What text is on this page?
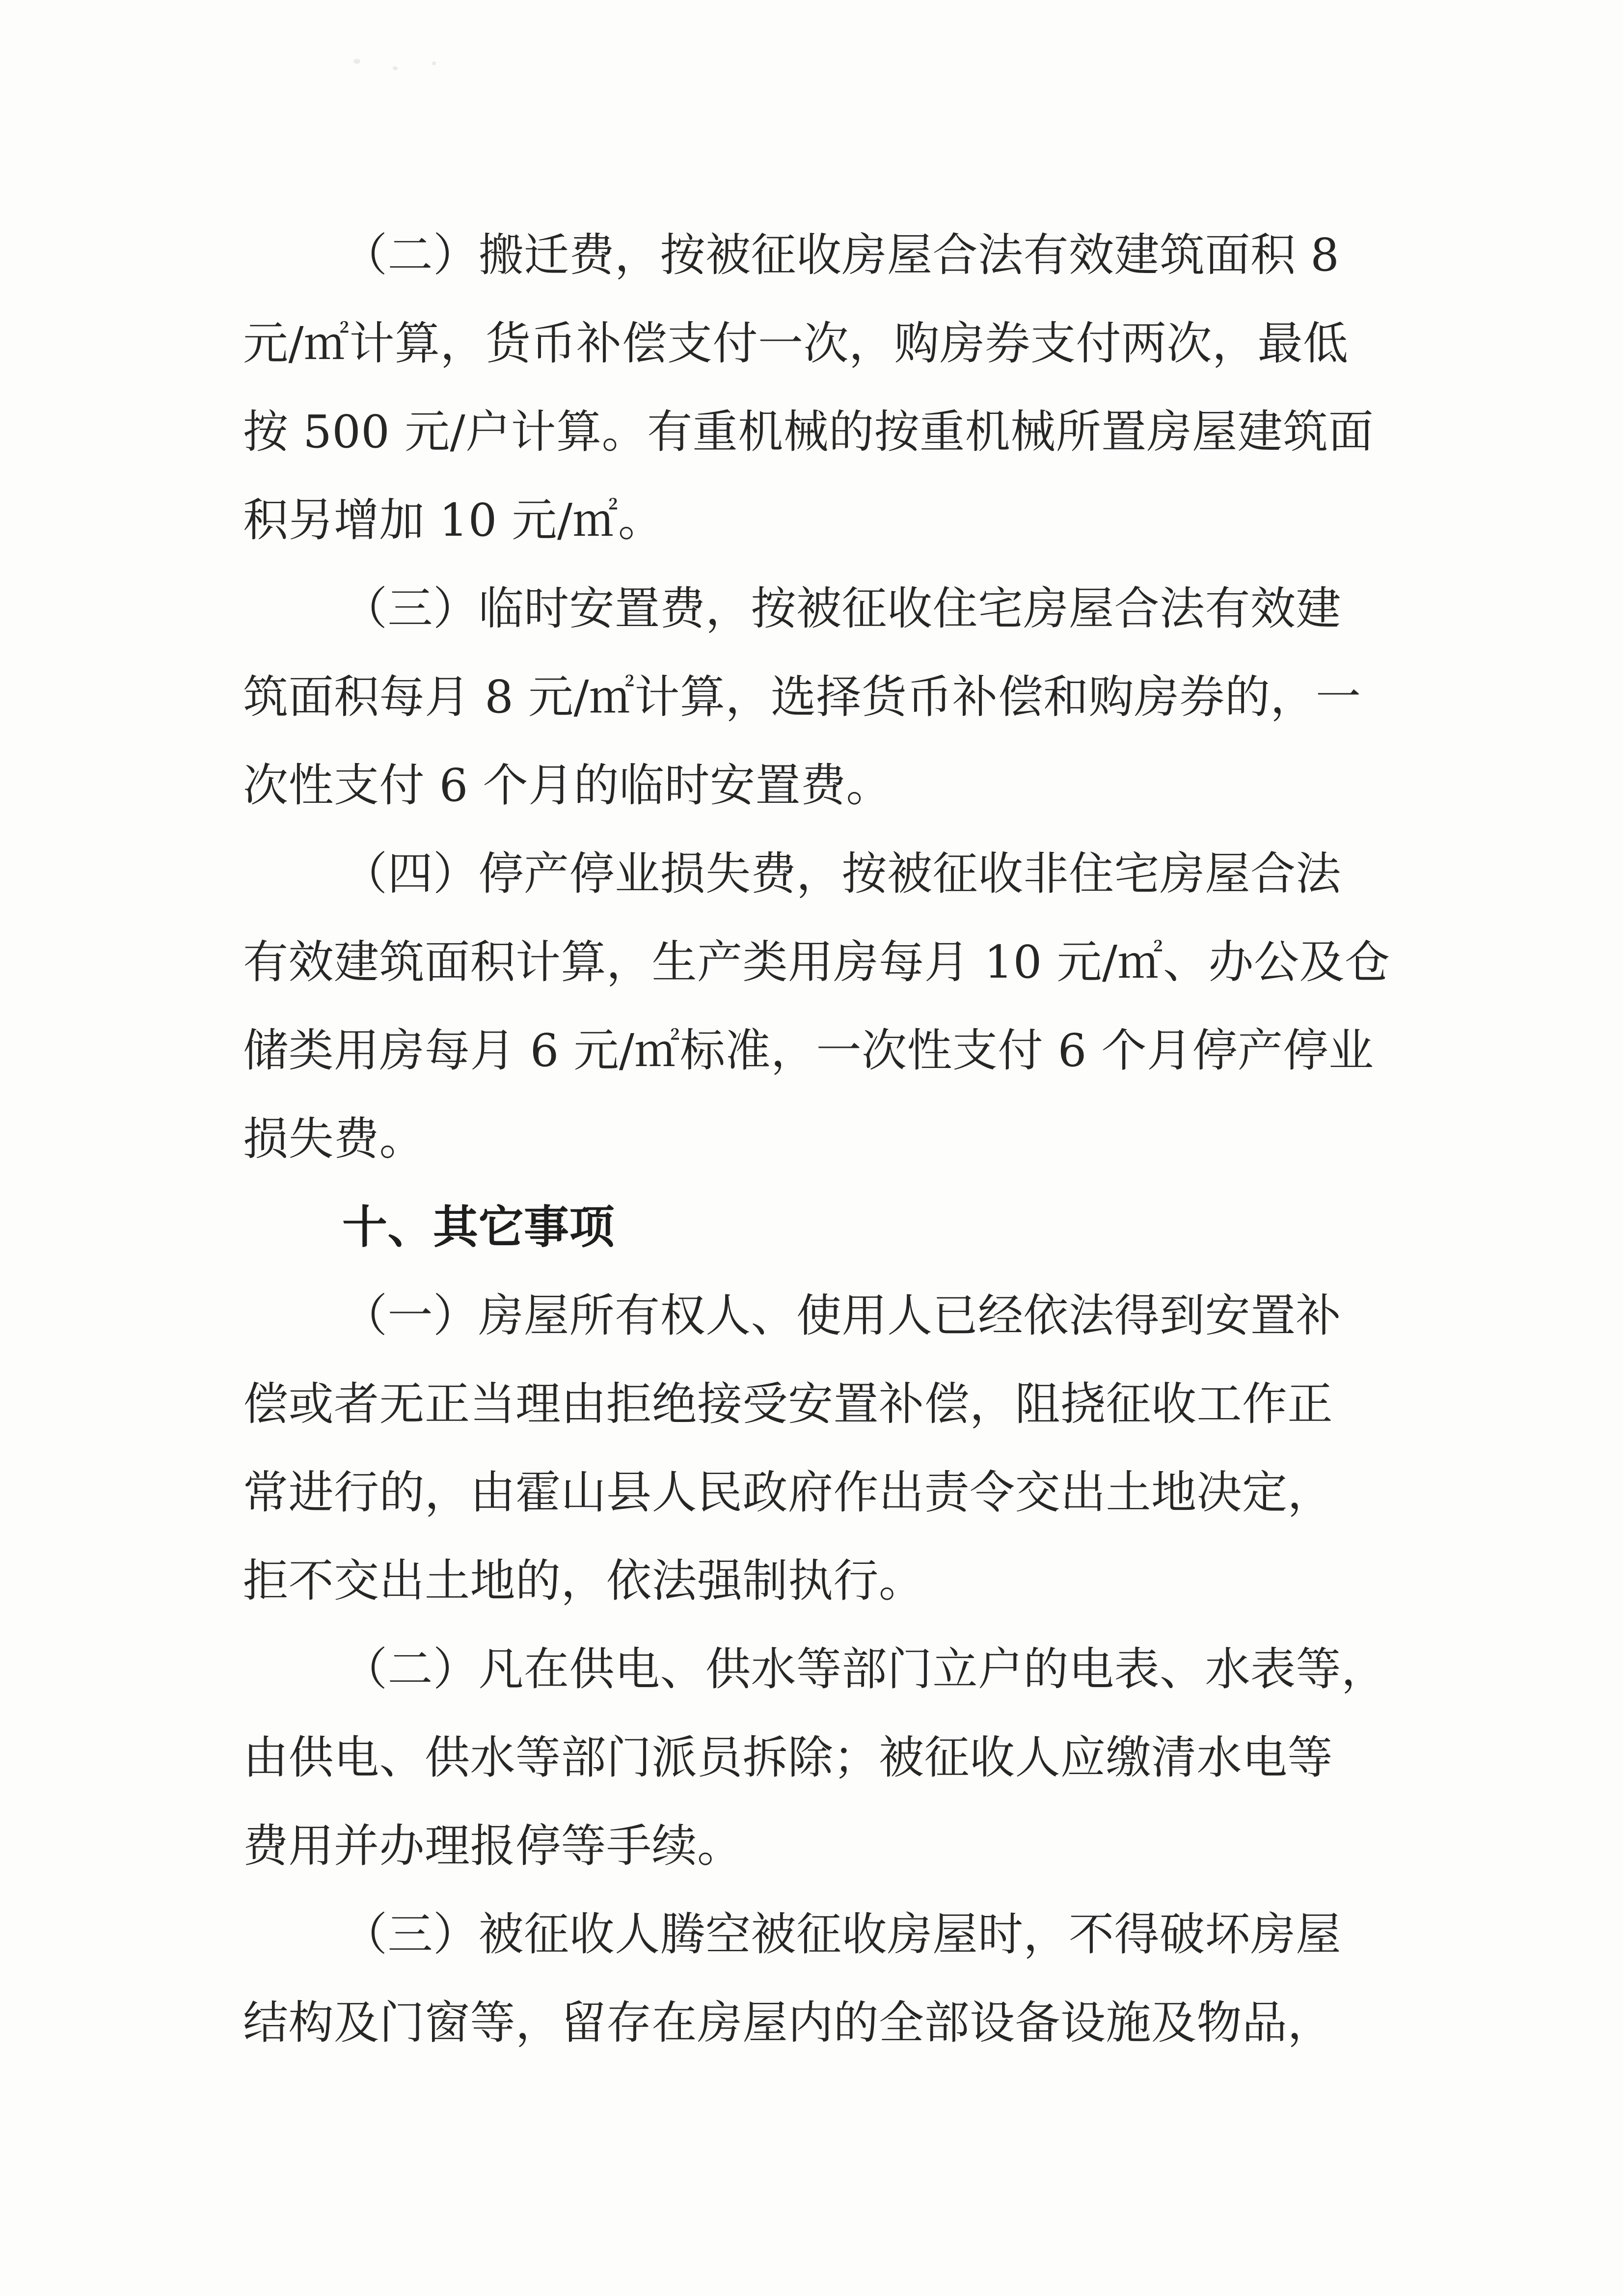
（二）搬迁费，按被征收房屋合法有效建筑面积 8
元/㎡计算，货币补偿支付一次，购房券支付两次，最低
按 500 元/户计算。有重机械的按重机械所置房屋建筑面
积另增加 10 元/㎡。
（三）临时安置费，按被征收住宅房屋合法有效建
筑面积每月 8 元/㎡计算，选择货币补偿和购房券的，一
次性支付 6 个月的临时安置费。
（四）停产停业损失费，按被征收非住宅房屋合法
有效建筑面积计算，生产类用房每月 10 元/㎡、办公及仓
储类用房每月 6 元/㎡标准，一次性支付 6 个月停产停业
损失费。
十、其它事项
（一）房屋所有权人、使用人已经依法得到安置补
偿或者无正当理由拒绝接受安置补偿，阻挠征收工作正
常进行的，由霍山县人民政府作出责令交出土地决定，
拒不交出土地的，依法强制执行。
（二）凡在供电、供水等部门立户的电表、水表等，
由供电、供水等部门派员拆除；被征收人应缴清水电等
费用并办理报停等手续。
（三）被征收人腾空被征收房屋时，不得破坏房屋
结构及门窗等，留存在房屋内的全部设备设施及物品，
